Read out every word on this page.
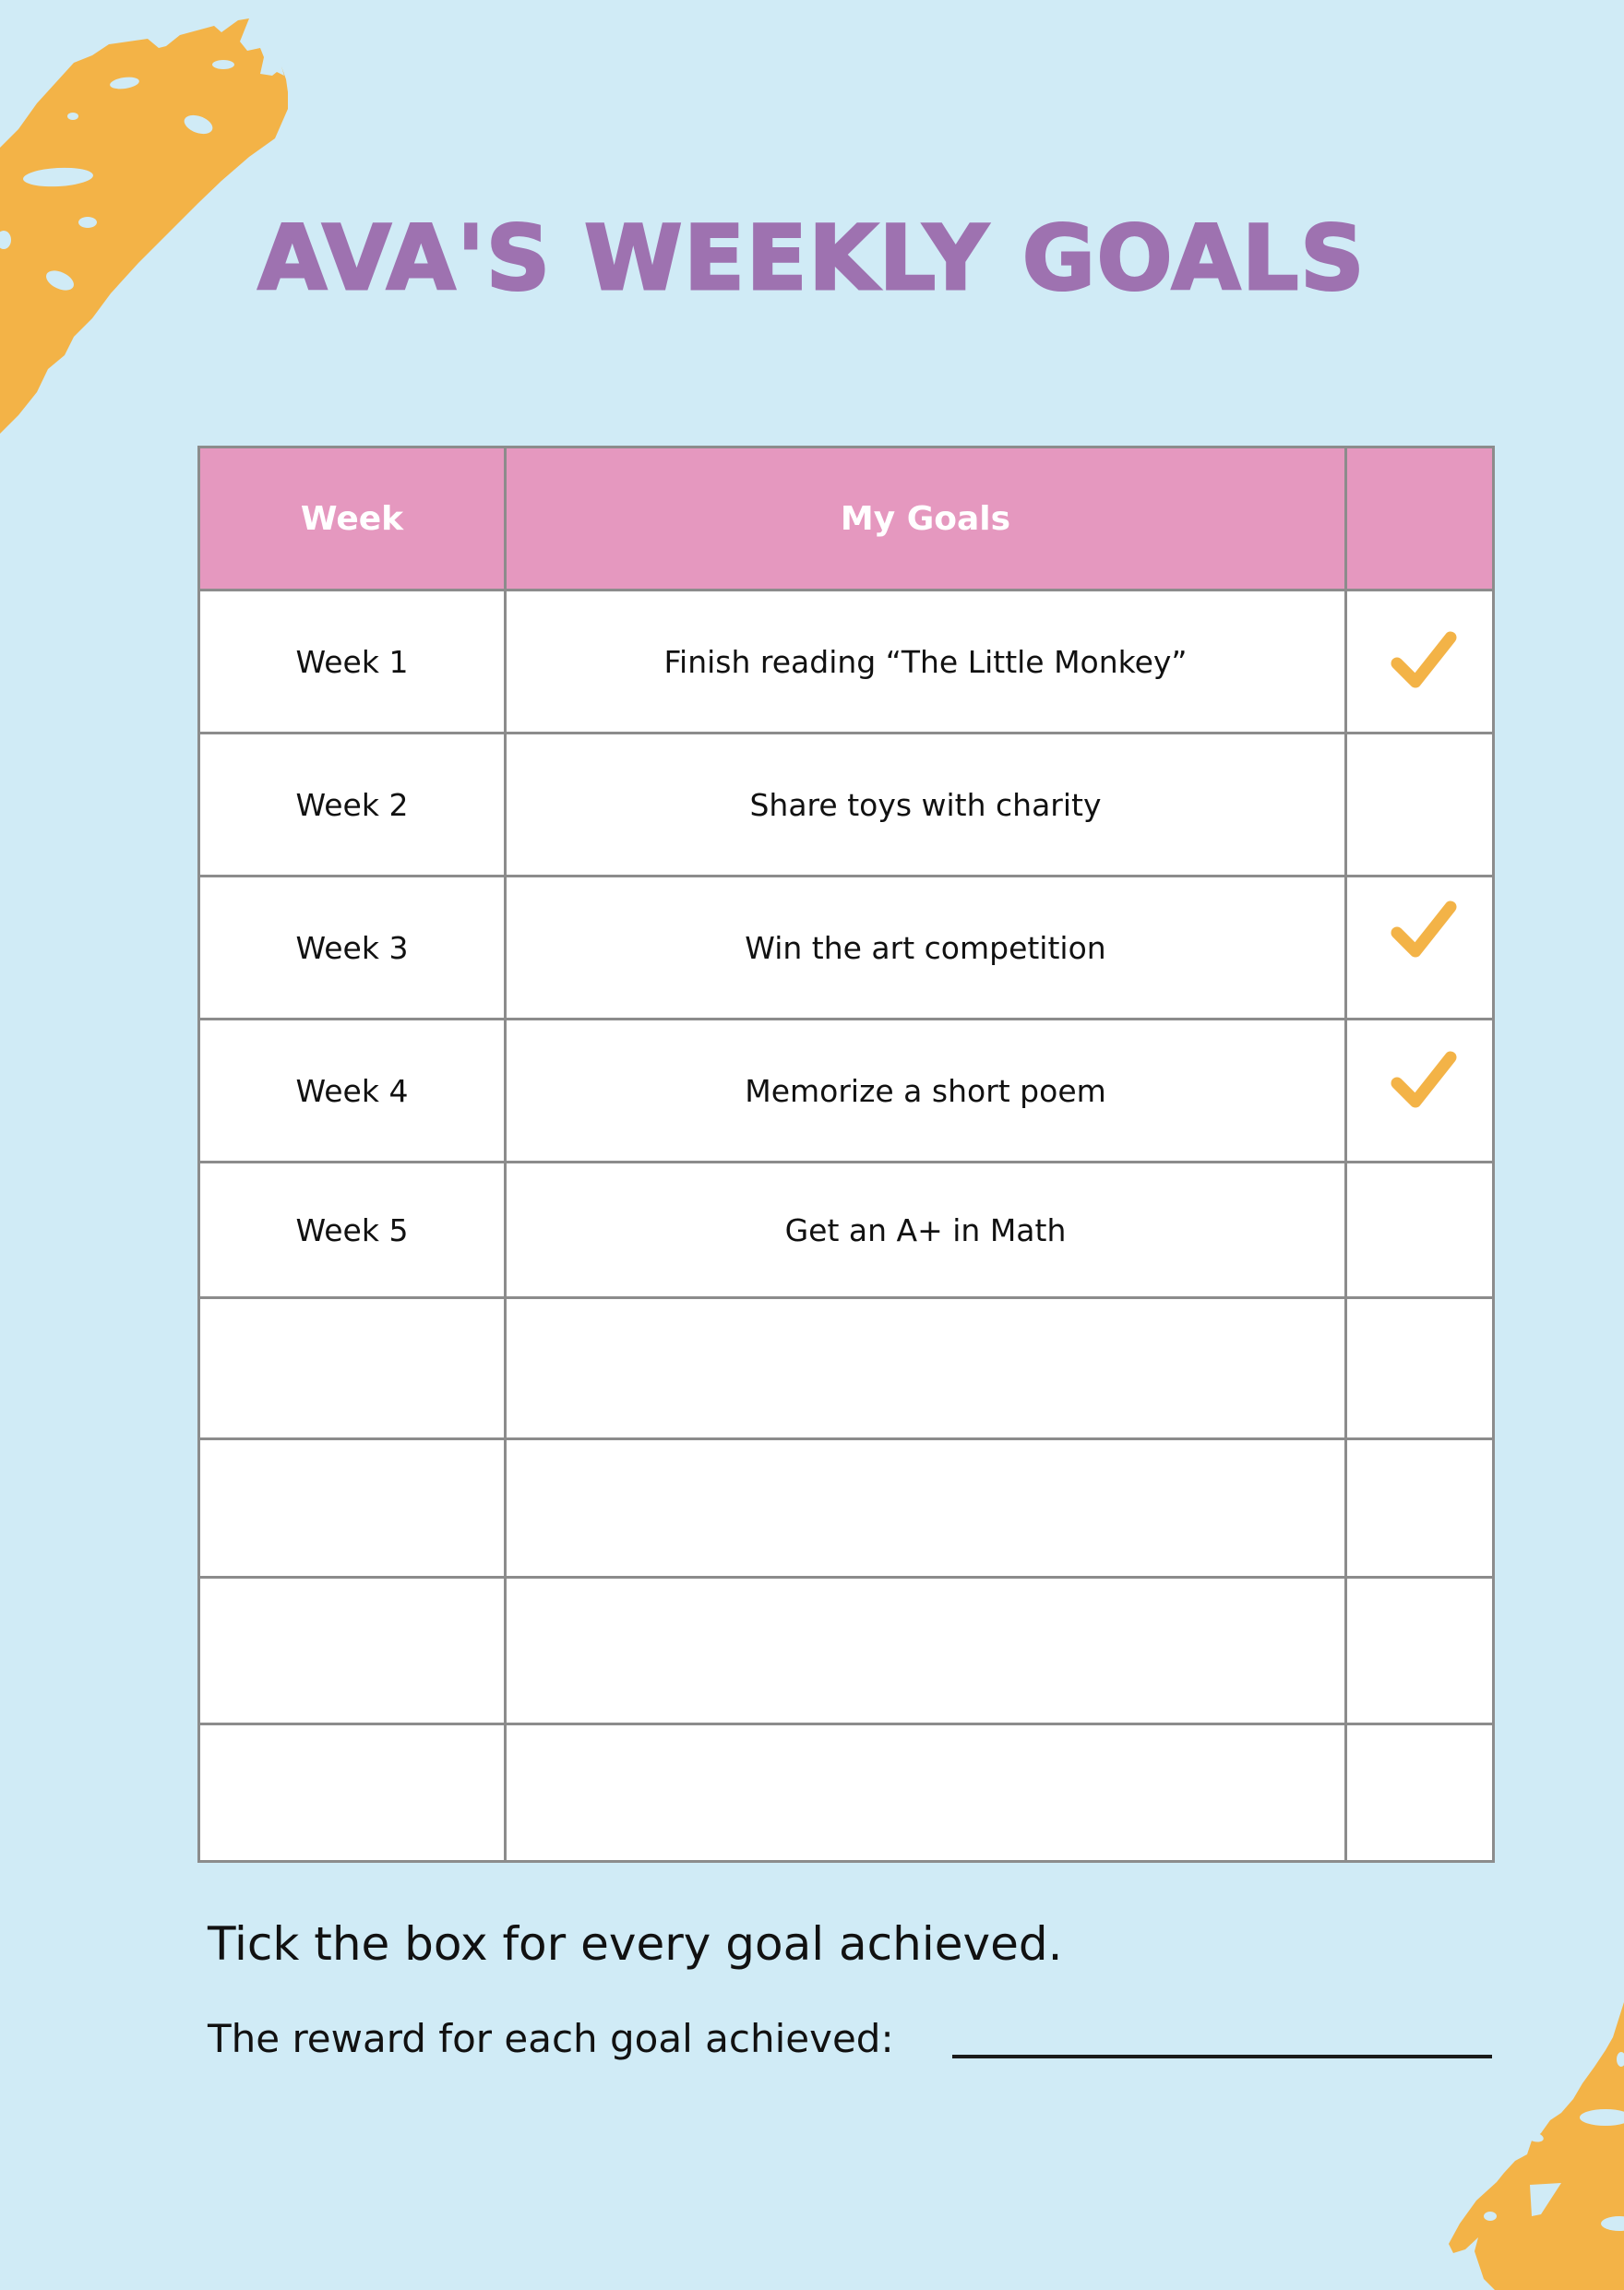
AVA'S WEEKLY GOALS
Week	My Goals	
Week 1	Finish reading “The Little Monkey”	

Week 2	Share toys with charity	
Week 3	Win the art competition	

Week 4	Memorize a short poem	

Week 5	Get an A+ in Math	

Tick the box for every goal achieved.
The reward for each goal achieved:
